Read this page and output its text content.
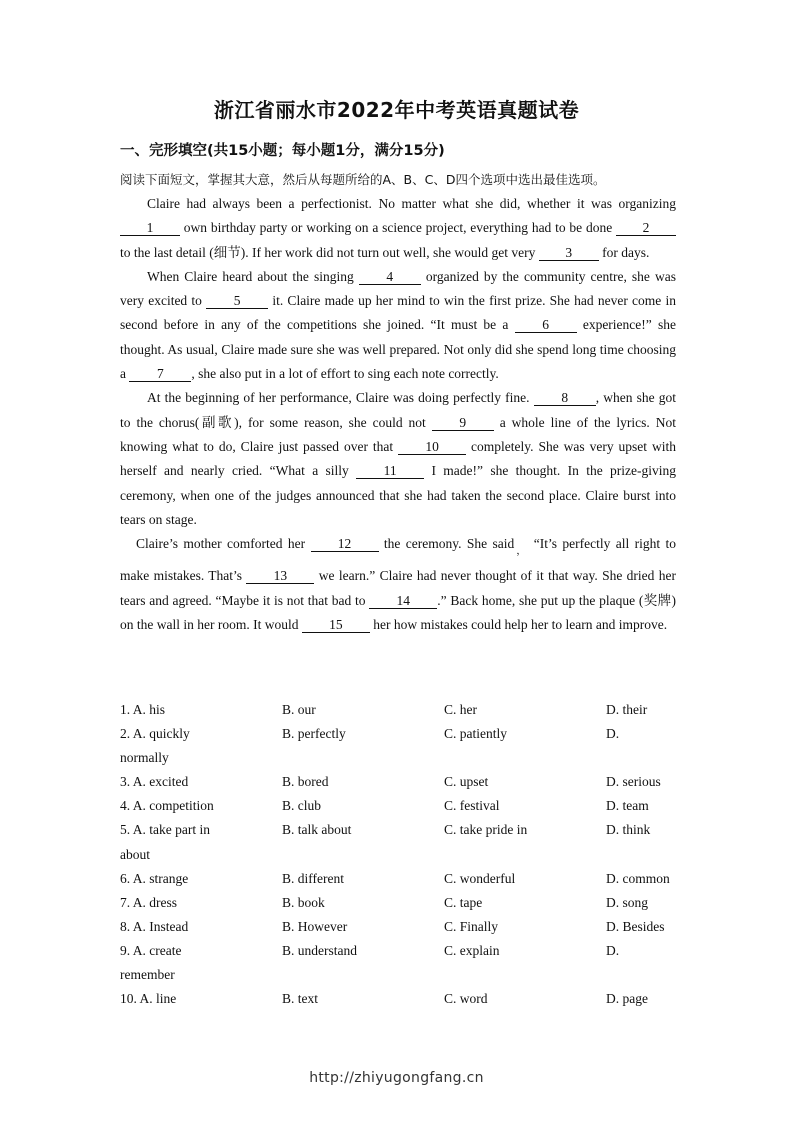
浙江省丽水市2022年中考英语真题试卷
一、完形填空(共15小题；每小题1分，满分15分)
阅读下面短文，掌握其大意，然后从每题所给的A、B、C、D四个选项中选出最佳选项。

Claire had always been a perfectionist. No matter what she did, whether it was organizing 1 own birthday party or working on a science project, everything had to be done 2 to the last detail (细节). If her work did not turn out well, she would get very 3 for days.

When Claire heard about the singing 4 organized by the community centre, she was very excited to 5 it. Claire made up her mind to win the first prize. She had never come in second before in any of the competitions she joined. “It must be a 6 experience!” she thought. As usual, Claire made sure she was well prepared. Not only did she spend long time choosing a 7 , she also put in a lot of effort to sing each note correctly.

At the beginning of her performance, Claire was doing perfectly fine. 8 , when she got to the chorus(副歌), for some reason, she could not 9 a whole line of the lyrics. Not knowing what to do, Claire just passed over that 10 completely. She was very upset with herself and nearly cried. “What a silly 11 I made!” she thought. In the prize-giving ceremony, when one of the judges announced that she had taken the second place. Claire burst into tears on stage.

Claire’s mother comforted her 12 the ceremony. She said$_,$ “It’s perfectly all right to make mistakes. That’s 13 we learn.” Claire had never thought of it that way. She dried her tears and agreed. “Maybe it is not that bad to 14 .” Back home, she put up the plaque (奖牌) on the wall in her room. It would 15 her how mistakes could help her to learn and improve.

1. A. his	B. our	C. her	D. their
2. A. quickly	B. perfectly	C. patiently	D.
normally
3. A. excited	B. bored	C. upset	D. serious
4. A. competition	B. club	C. festival	D. team
5. A. take part in	B. talk about	C. take pride in	D. think
about
6. A. strange	B. different	C. wonderful	D. common
7. A. dress	B. book	C. tape	D. song
8. A. Instead	B. However	C. Finally	D. Besides
9. A. create	B. understand	C. explain	D.
remember
10. A. line	B. text	C. word	D. page
http://zhiyugongfang.cn
